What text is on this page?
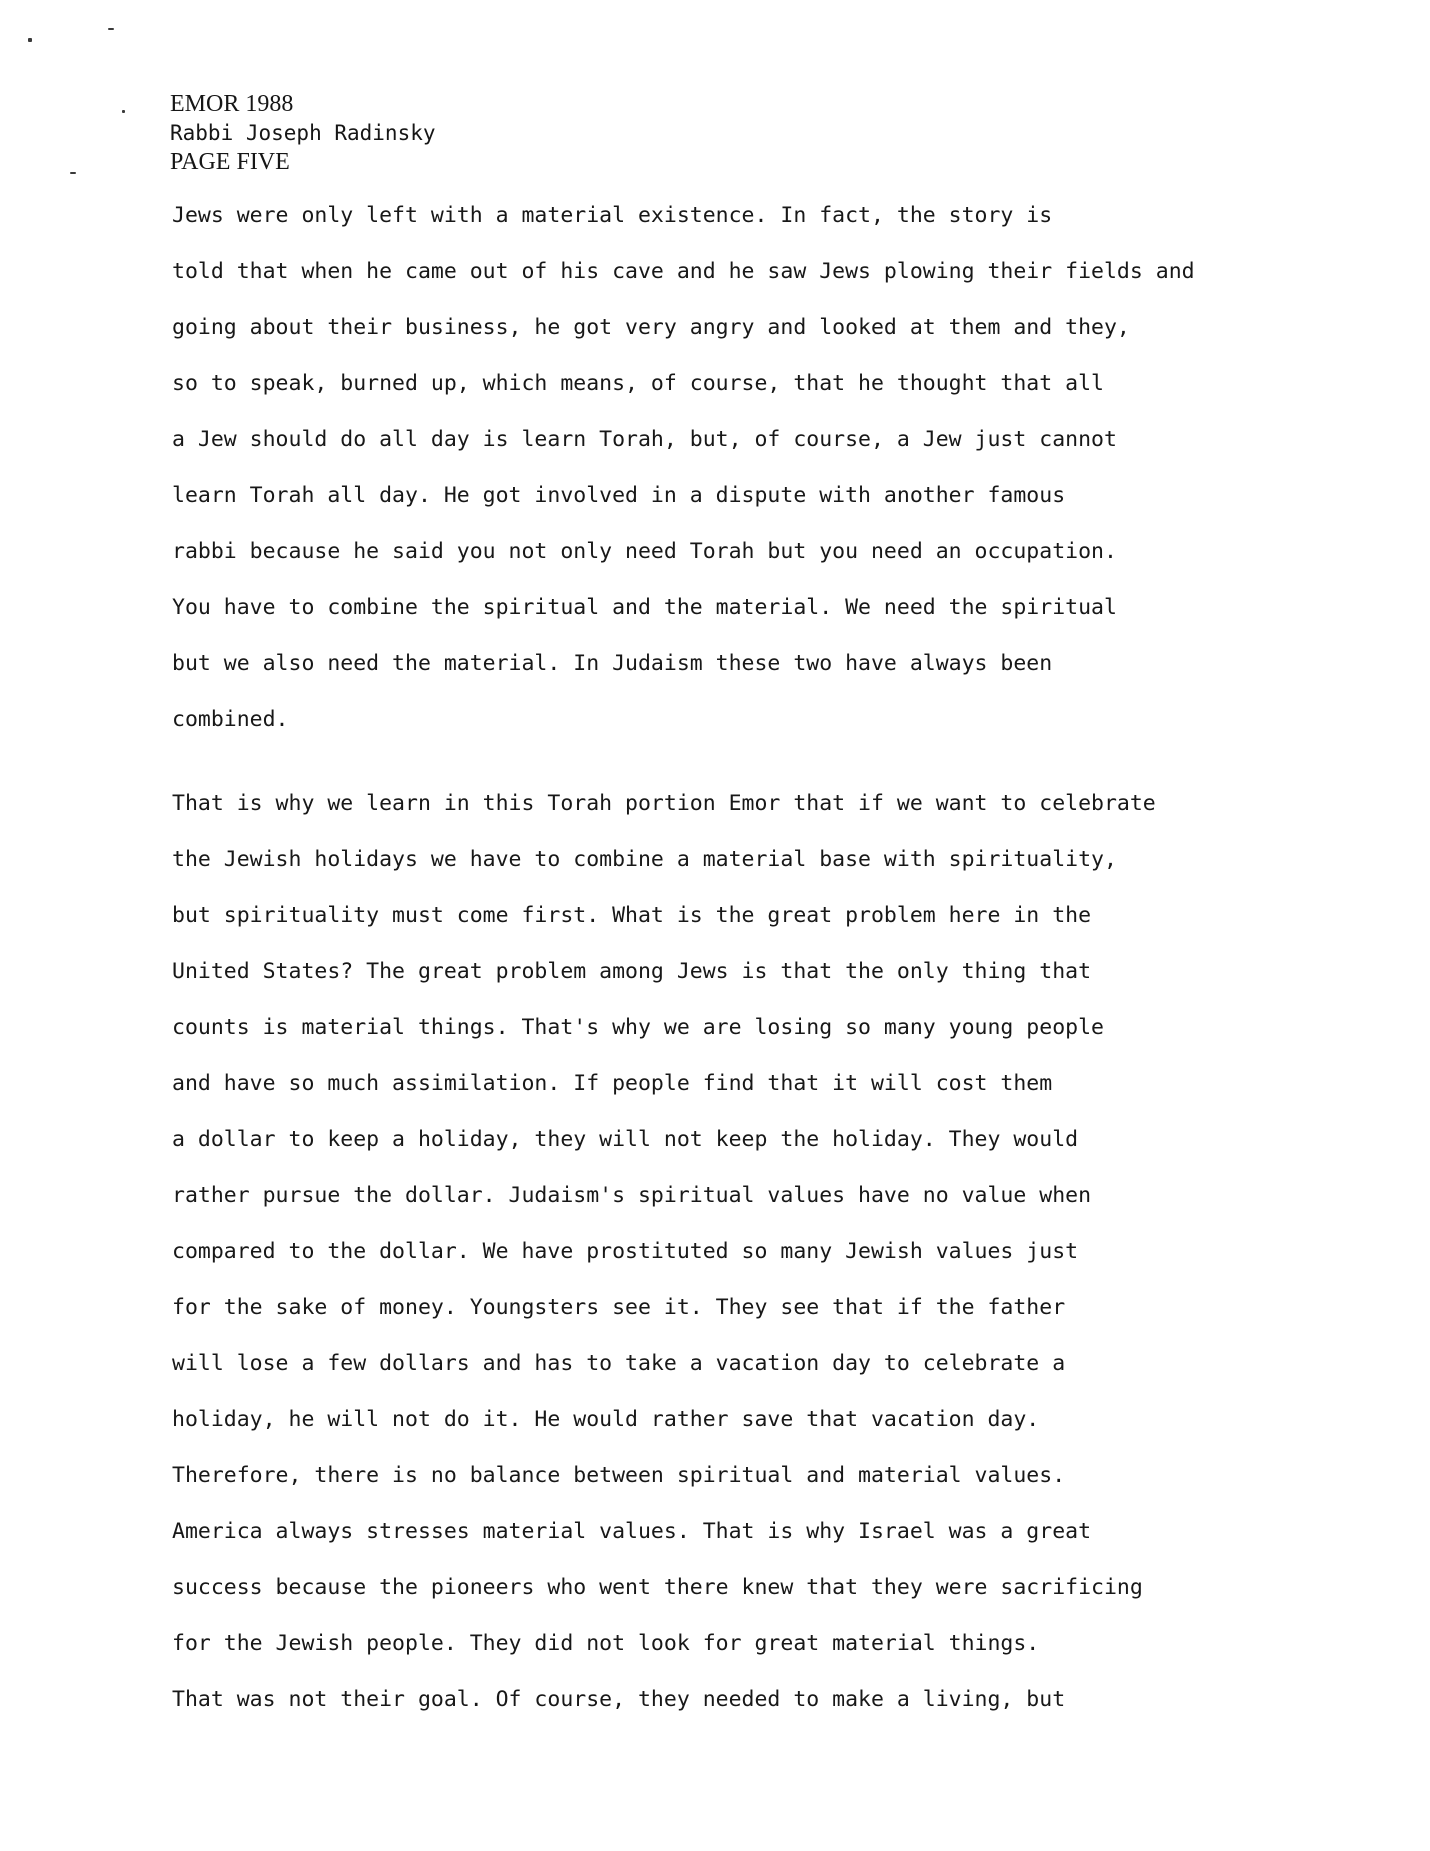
EMOR 1988
Rabbi Joseph Radinsky
PAGE FIVE
Jews were only left with a material existence. In fact, the story is
told that when he came out of his cave and he saw Jews plowing their fields and
going about their business, he got very angry and looked at them and they,
so to speak, burned up, which means, of course, that he thought that all
a Jew should do all day is learn Torah, but, of course, a Jew just cannot
learn Torah all day. He got involved in a dispute with another famous
rabbi because he said you not only need Torah but you need an occupation.
You have to combine the spiritual and the material. We need the spiritual
but we also need the material. In Judaism these two have always been
combined.
That is why we learn in this Torah portion Emor that if we want to celebrate
the Jewish holidays we have to combine a material base with spirituality,
but spirituality must come first. What is the great problem here in the
United States? The great problem among Jews is that the only thing that
counts is material things. That's why we are losing so many young people
and have so much assimilation. If people find that it will cost them
a dollar to keep a holiday, they will not keep the holiday. They would
rather pursue the dollar. Judaism's spiritual values have no value when
compared to the dollar. We have prostituted so many Jewish values just
for the sake of money. Youngsters see it. They see that if the father
will lose a few dollars and has to take a vacation day to celebrate a
holiday, he will not do it. He would rather save that vacation day.
Therefore, there is no balance between spiritual and material values.
America always stresses material values. That is why Israel was a great
success because the pioneers who went there knew that they were sacrificing
for the Jewish people. They did not look for great material things.
That was not their goal. Of course, they needed to make a living, but
